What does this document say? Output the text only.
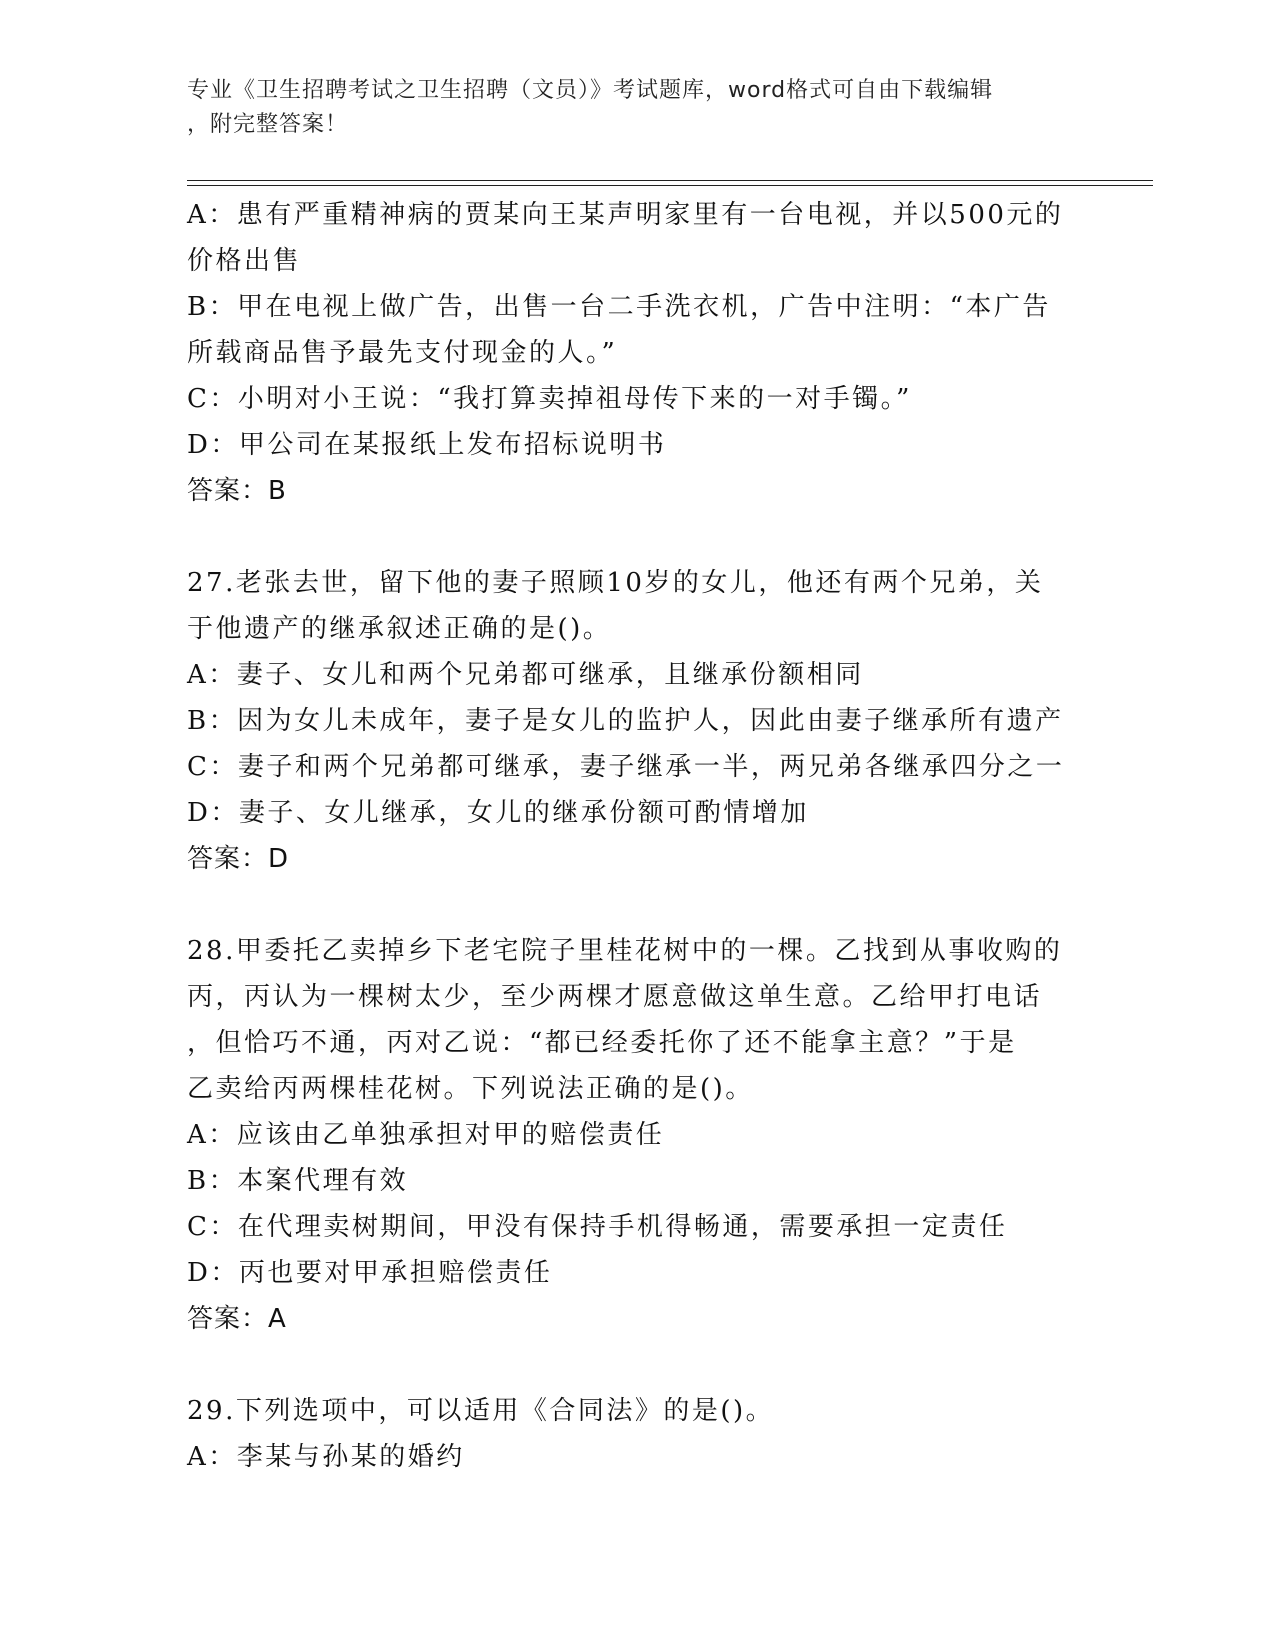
专业《卫生招聘考试之卫生招聘（文员）》考试题库，word格式可自由下载编辑
，附完整答案！
A：患有严重精神病的贾某向王某声明家里有一台电视，并以500元的
价格出售
B：甲在电视上做广告，出售一台二手洗衣机，广告中注明：“本广告
所载商品售予最先支付现金的人。”
C：小明对小王说：“我打算卖掉祖母传下来的一对手镯。”
D：甲公司在某报纸上发布招标说明书
答案：B
27.老张去世，留下他的妻子照顾10岁的女儿，他还有两个兄弟，关
于他遗产的继承叙述正确的是()。
A：妻子、女儿和两个兄弟都可继承，且继承份额相同
B：因为女儿未成年，妻子是女儿的监护人，因此由妻子继承所有遗产
C：妻子和两个兄弟都可继承，妻子继承一半，两兄弟各继承四分之一
D：妻子、女儿继承，女儿的继承份额可酌情增加
答案：D
28.甲委托乙卖掉乡下老宅院子里桂花树中的一棵。乙找到从事收购的
丙，丙认为一棵树太少，至少两棵才愿意做这单生意。乙给甲打电话
，但恰巧不通，丙对乙说：“都已经委托你了还不能拿主意？”于是
乙卖给丙两棵桂花树。下列说法正确的是()。
A：应该由乙单独承担对甲的赔偿责任
B：本案代理有效
C：在代理卖树期间，甲没有保持手机得畅通，需要承担一定责任
D：丙也要对甲承担赔偿责任
答案：A
29.下列选项中，可以适用《合同法》的是()。
A：李某与孙某的婚约
